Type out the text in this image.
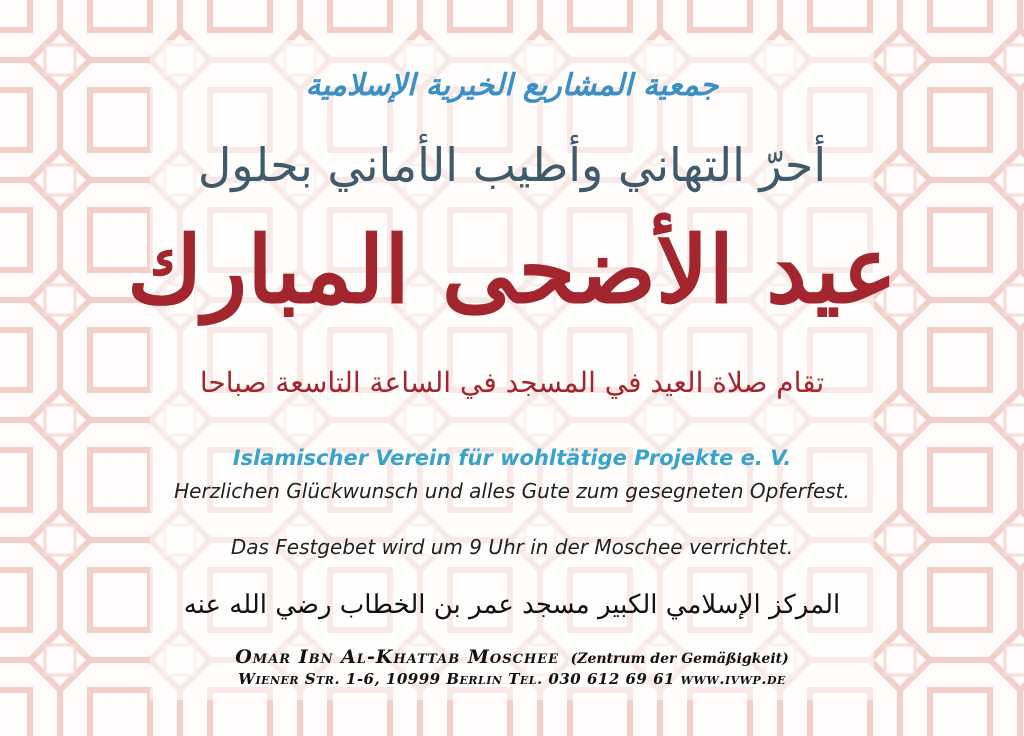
جمعية المشاريع الخيرية الإسلامية
أحرّ التهاني وأطيب الأماني بحلول
عيد الأضحى المبارك
تقام صلاة العيد في المسجد في الساعة التاسعة صباحا
Islamischer Verein für wohltätige Projekte e. V.
Herzlichen Glückwunsch und alles Gute zum gesegneten Opferfest.
Das Festgebet wird um 9 Uhr in der Moschee verrichtet.
المركز الإسلامي الكبير مسجد عمر بن الخطاب رضي الله عنه
Omar Ibn Al-Khattab Moschee (Zentrum der Gemäßigkeit)
Wiener Str. 1-6, 10999 Berlin Tel. 030 612 69 61 www.ivwp.de
